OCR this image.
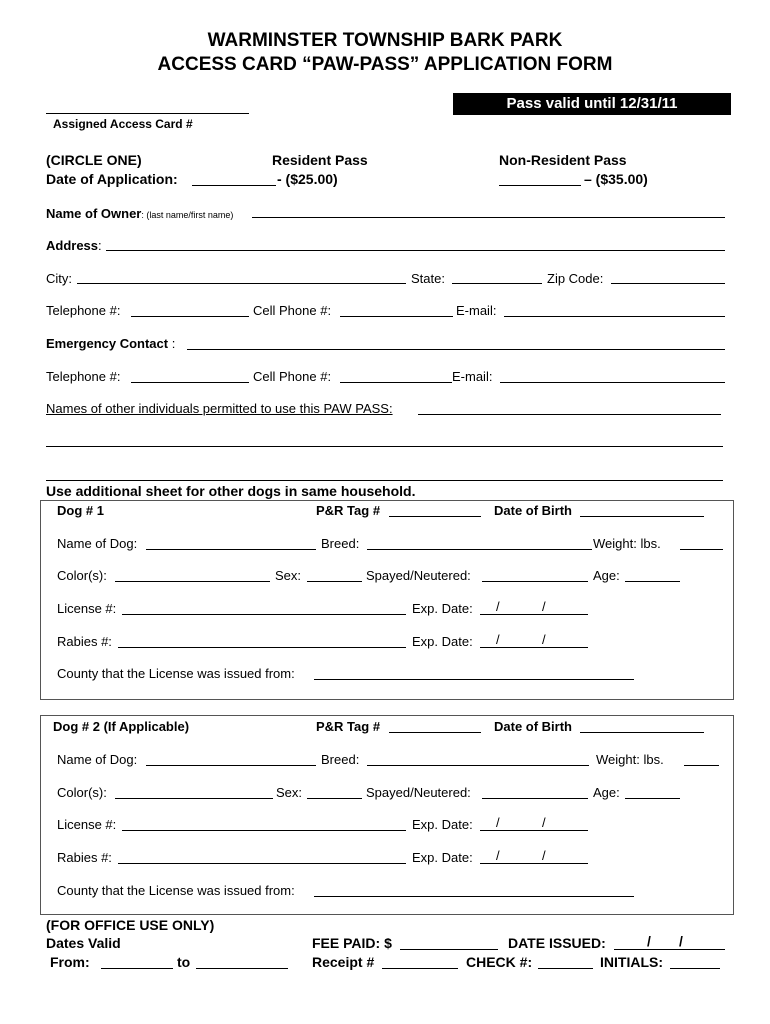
WARMINSTER TOWNSHIP BARK PARK
ACCESS CARD “PAW-PASS” APPLICATION FORM
Assigned Access Card #
Pass valid until 12/31/11
(CIRCLE ONE)
Date of Application:
Resident Pass
- ($25.00)
Non-Resident Pass
– ($35.00)
Name of Owner: (last name/first name)
Address:
City:	State:	Zip Code:
Telephone #:	Cell Phone #:	E-mail:
Emergency Contact :
Telephone #:	Cell Phone #:	E-mail:
Names of other individuals permitted to use this PAW PASS:
Use additional sheet for other dogs in same household.
Dog # 1	P&R Tag #	Date of Birth
Name of Dog:	Breed:	Weight: lbs.
Color(s):	Sex:	Spayed/Neutered:	Age:
License #:	Exp. Date: /	/
Rabies #:	Exp. Date: /	/
County that the License was issued from:
Dog # 2 (If Applicable)	P&R Tag #	Date of Birth
Name of Dog:	Breed:	Weight: lbs.
Color(s):	Sex:	Spayed/Neutered:	Age:
License #:	Exp. Date: /	/
Rabies #:	Exp. Date: /	/
County that the License was issued from:
(FOR OFFICE USE ONLY)
Dates Valid
From:	to
FEE PAID: $	DATE ISSUED:	/ /
Receipt #	CHECK #:	INITIALS:
